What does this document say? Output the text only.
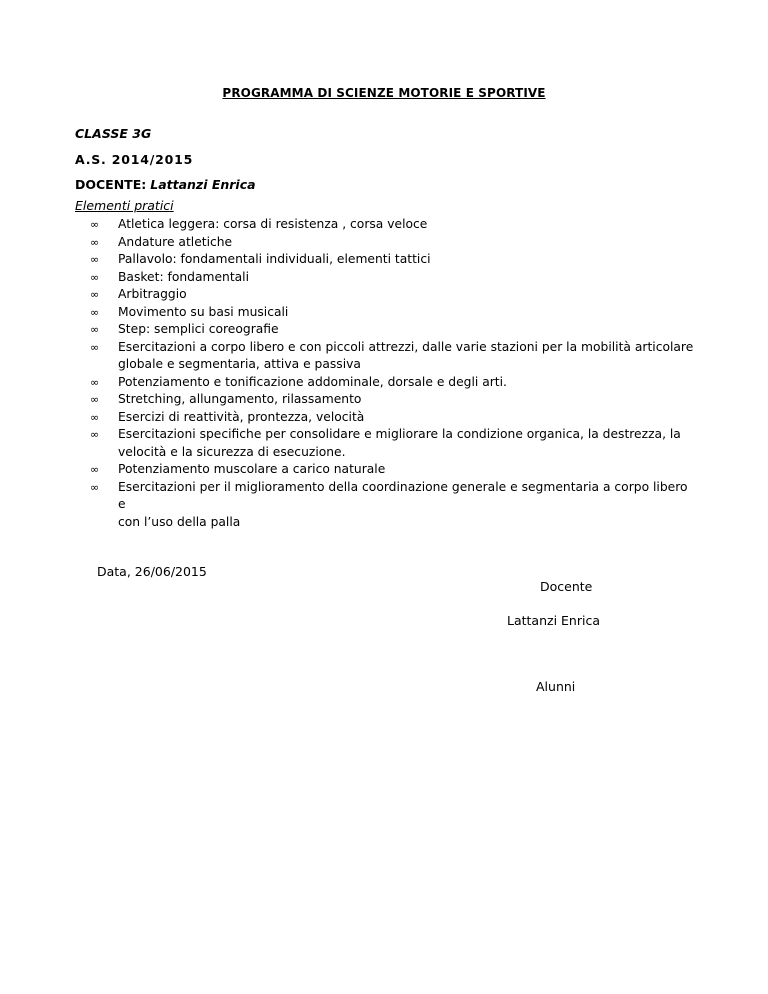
PROGRAMMA DI SCIENZE MOTORIE E SPORTIVE
CLASSE 3G
A.S. 2014/2015
DOCENTE: Lattanzi Enrica
Elementi pratici
∞ Atletica leggera: corsa di resistenza , corsa veloce
∞ Andature atletiche
∞ Pallavolo: fondamentali individuali, elementi tattici
∞ Basket: fondamentali
∞ Arbitraggio
∞ Movimento su basi musicali
∞ Step: semplici coreografie
∞ Esercitazioni a corpo libero e con piccoli attrezzi, dalle varie stazioni per la mobilità articolare
globale e segmentaria, attiva e passiva
∞ Potenziamento e tonificazione addominale, dorsale e degli arti.
∞ Stretching, allungamento, rilassamento
∞ Esercizi di reattività, prontezza, velocità
∞ Esercitazioni specifiche per consolidare e migliorare la condizione organica, la destrezza, la
velocità e la sicurezza di esecuzione.
∞ Potenziamento muscolare a carico naturale
∞ Esercitazioni per il miglioramento della coordinazione generale e segmentaria a corpo libero e
con l’uso della palla
Data, 26/06/2015
Docente
Lattanzi Enrica
Alunni
